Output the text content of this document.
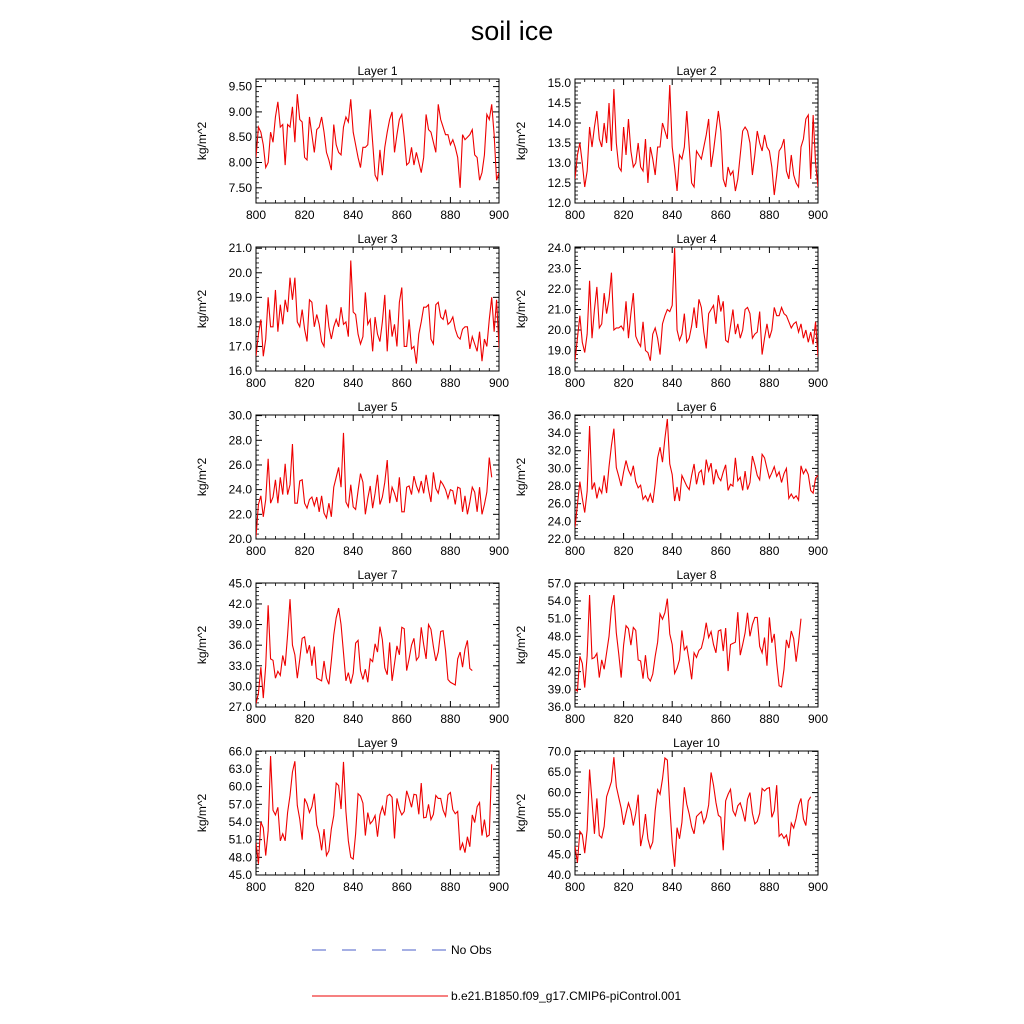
soil ice
Layer 1
kg/m^2
800 820 840 860 880 900
7.50
8.00
8.50
9.00
9.50
Layer 2
kg/m^2
800 820 840 860 880 900
12.0
12.5
13.0
13.5
14.0
14.5
15.0
Layer 3
kg/m^2
800 820 840 860 880 900
16.0
17.0
18.0
19.0
20.0
21.0
Layer 4
kg/m^2
800 820 840 860 880 900
18.0
19.0
20.0
21.0
22.0
23.0
24.0
Layer 5
kg/m^2
800 820 840 860 880 900
20.0
22.0
24.0
26.0
28.0
30.0
Layer 6
kg/m^2
800 820 840 860 880 900
22.0
24.0
26.0
28.0
30.0
32.0
34.0
36.0
Layer 7
kg/m^2
800 820 840 860 880 900
27.0
30.0
33.0
36.0
39.0
42.0
45.0
Layer 8
kg/m^2
800 820 840 860 880 900
36.0
39.0
42.0
45.0
48.0
51.0
54.0
57.0
Layer 9
kg/m^2
800 820 840 860 880 900
45.0
48.0
51.0
54.0
57.0
60.0
63.0
66.0
Layer 10
kg/m^2
800 820 840 860 880 900
40.0
45.0
50.0
55.0
60.0
65.0
70.0
No Obs
b.e21.B1850.f09_g17.CMIP6-piControl.001
